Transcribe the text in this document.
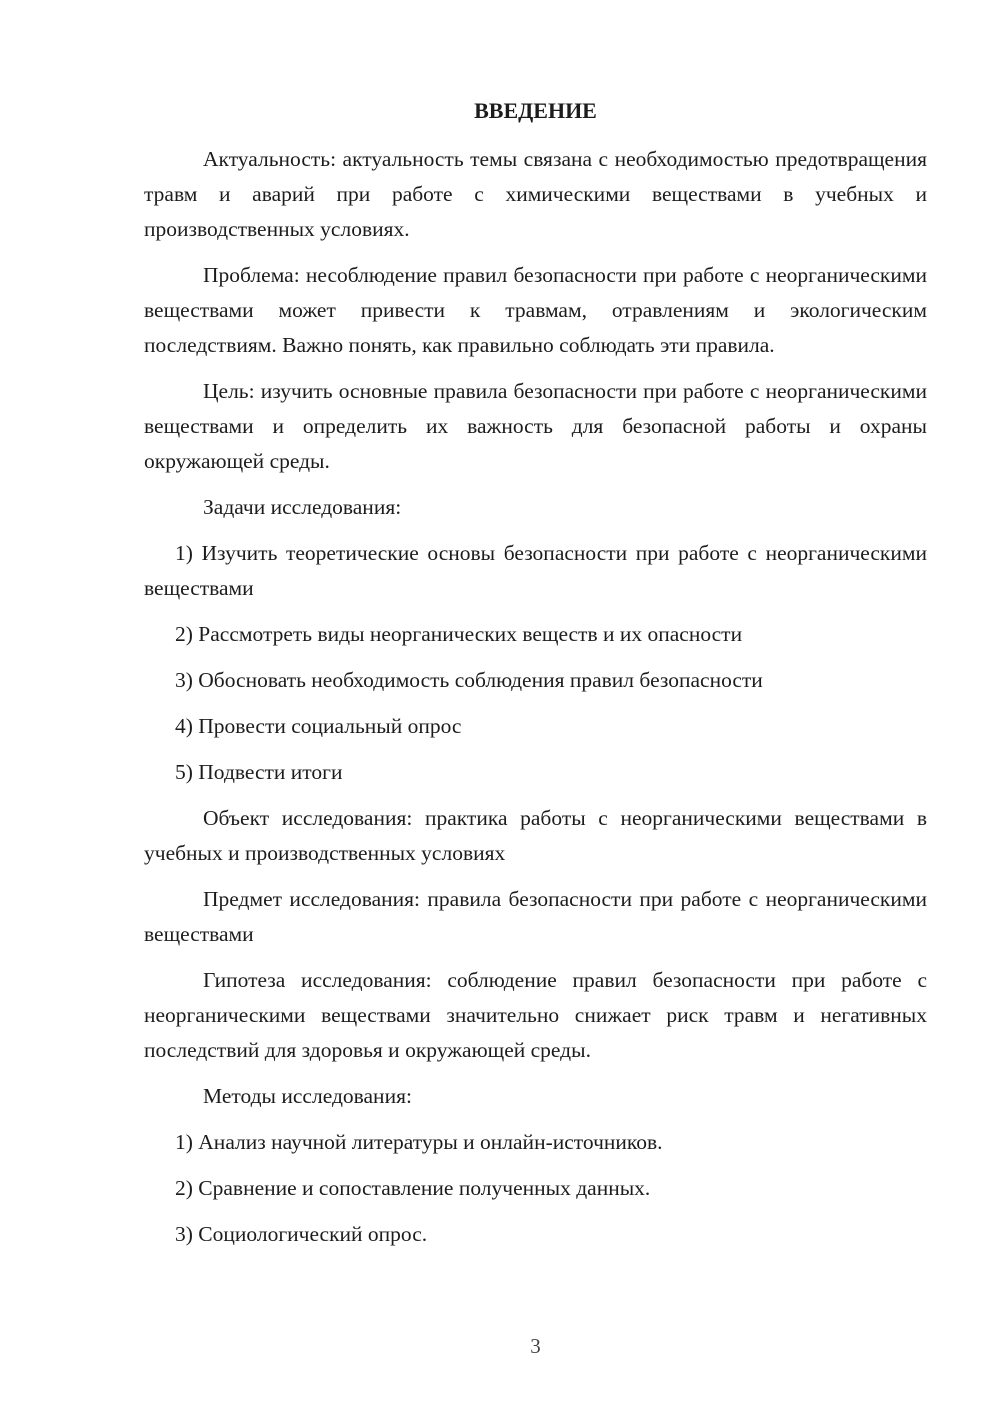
ВВЕДЕНИЕ

Актуальность: актуальность темы связана с необходимостью предотвращения травм и аварий при работе с химическими веществами в учебных и производственных условиях.

Проблема: несоблюдение правил безопасности при работе с неорганическими веществами может привести к травмам, отравлениям и экологическим последствиям. Важно понять, как правильно соблюдать эти правила.

Цель: изучить основные правила безопасности при работе с неорганическими веществами и определить их важность для безопасной работы и охраны окружающей среды.

Задачи исследования:

1) Изучить теоретические основы безопасности при работе с неорганическими веществами

2) Рассмотреть виды неорганических веществ и их опасности

3) Обосновать необходимость соблюдения правил безопасности

4) Провести социальный опрос

5) Подвести итоги

Объект исследования: практика работы с неорганическими веществами в учебных и производственных условиях

Предмет исследования: правила безопасности при работе с неорганическими веществами

Гипотеза исследования: соблюдение правил безопасности при работе с неорганическими веществами значительно снижает риск травм и негативных последствий для здоровья и окружающей среды.

Методы исследования:

1) Анализ научной литературы и онлайн-источников.

2) Сравнение и сопоставление полученных данных.

3) Социологический опрос.

3
